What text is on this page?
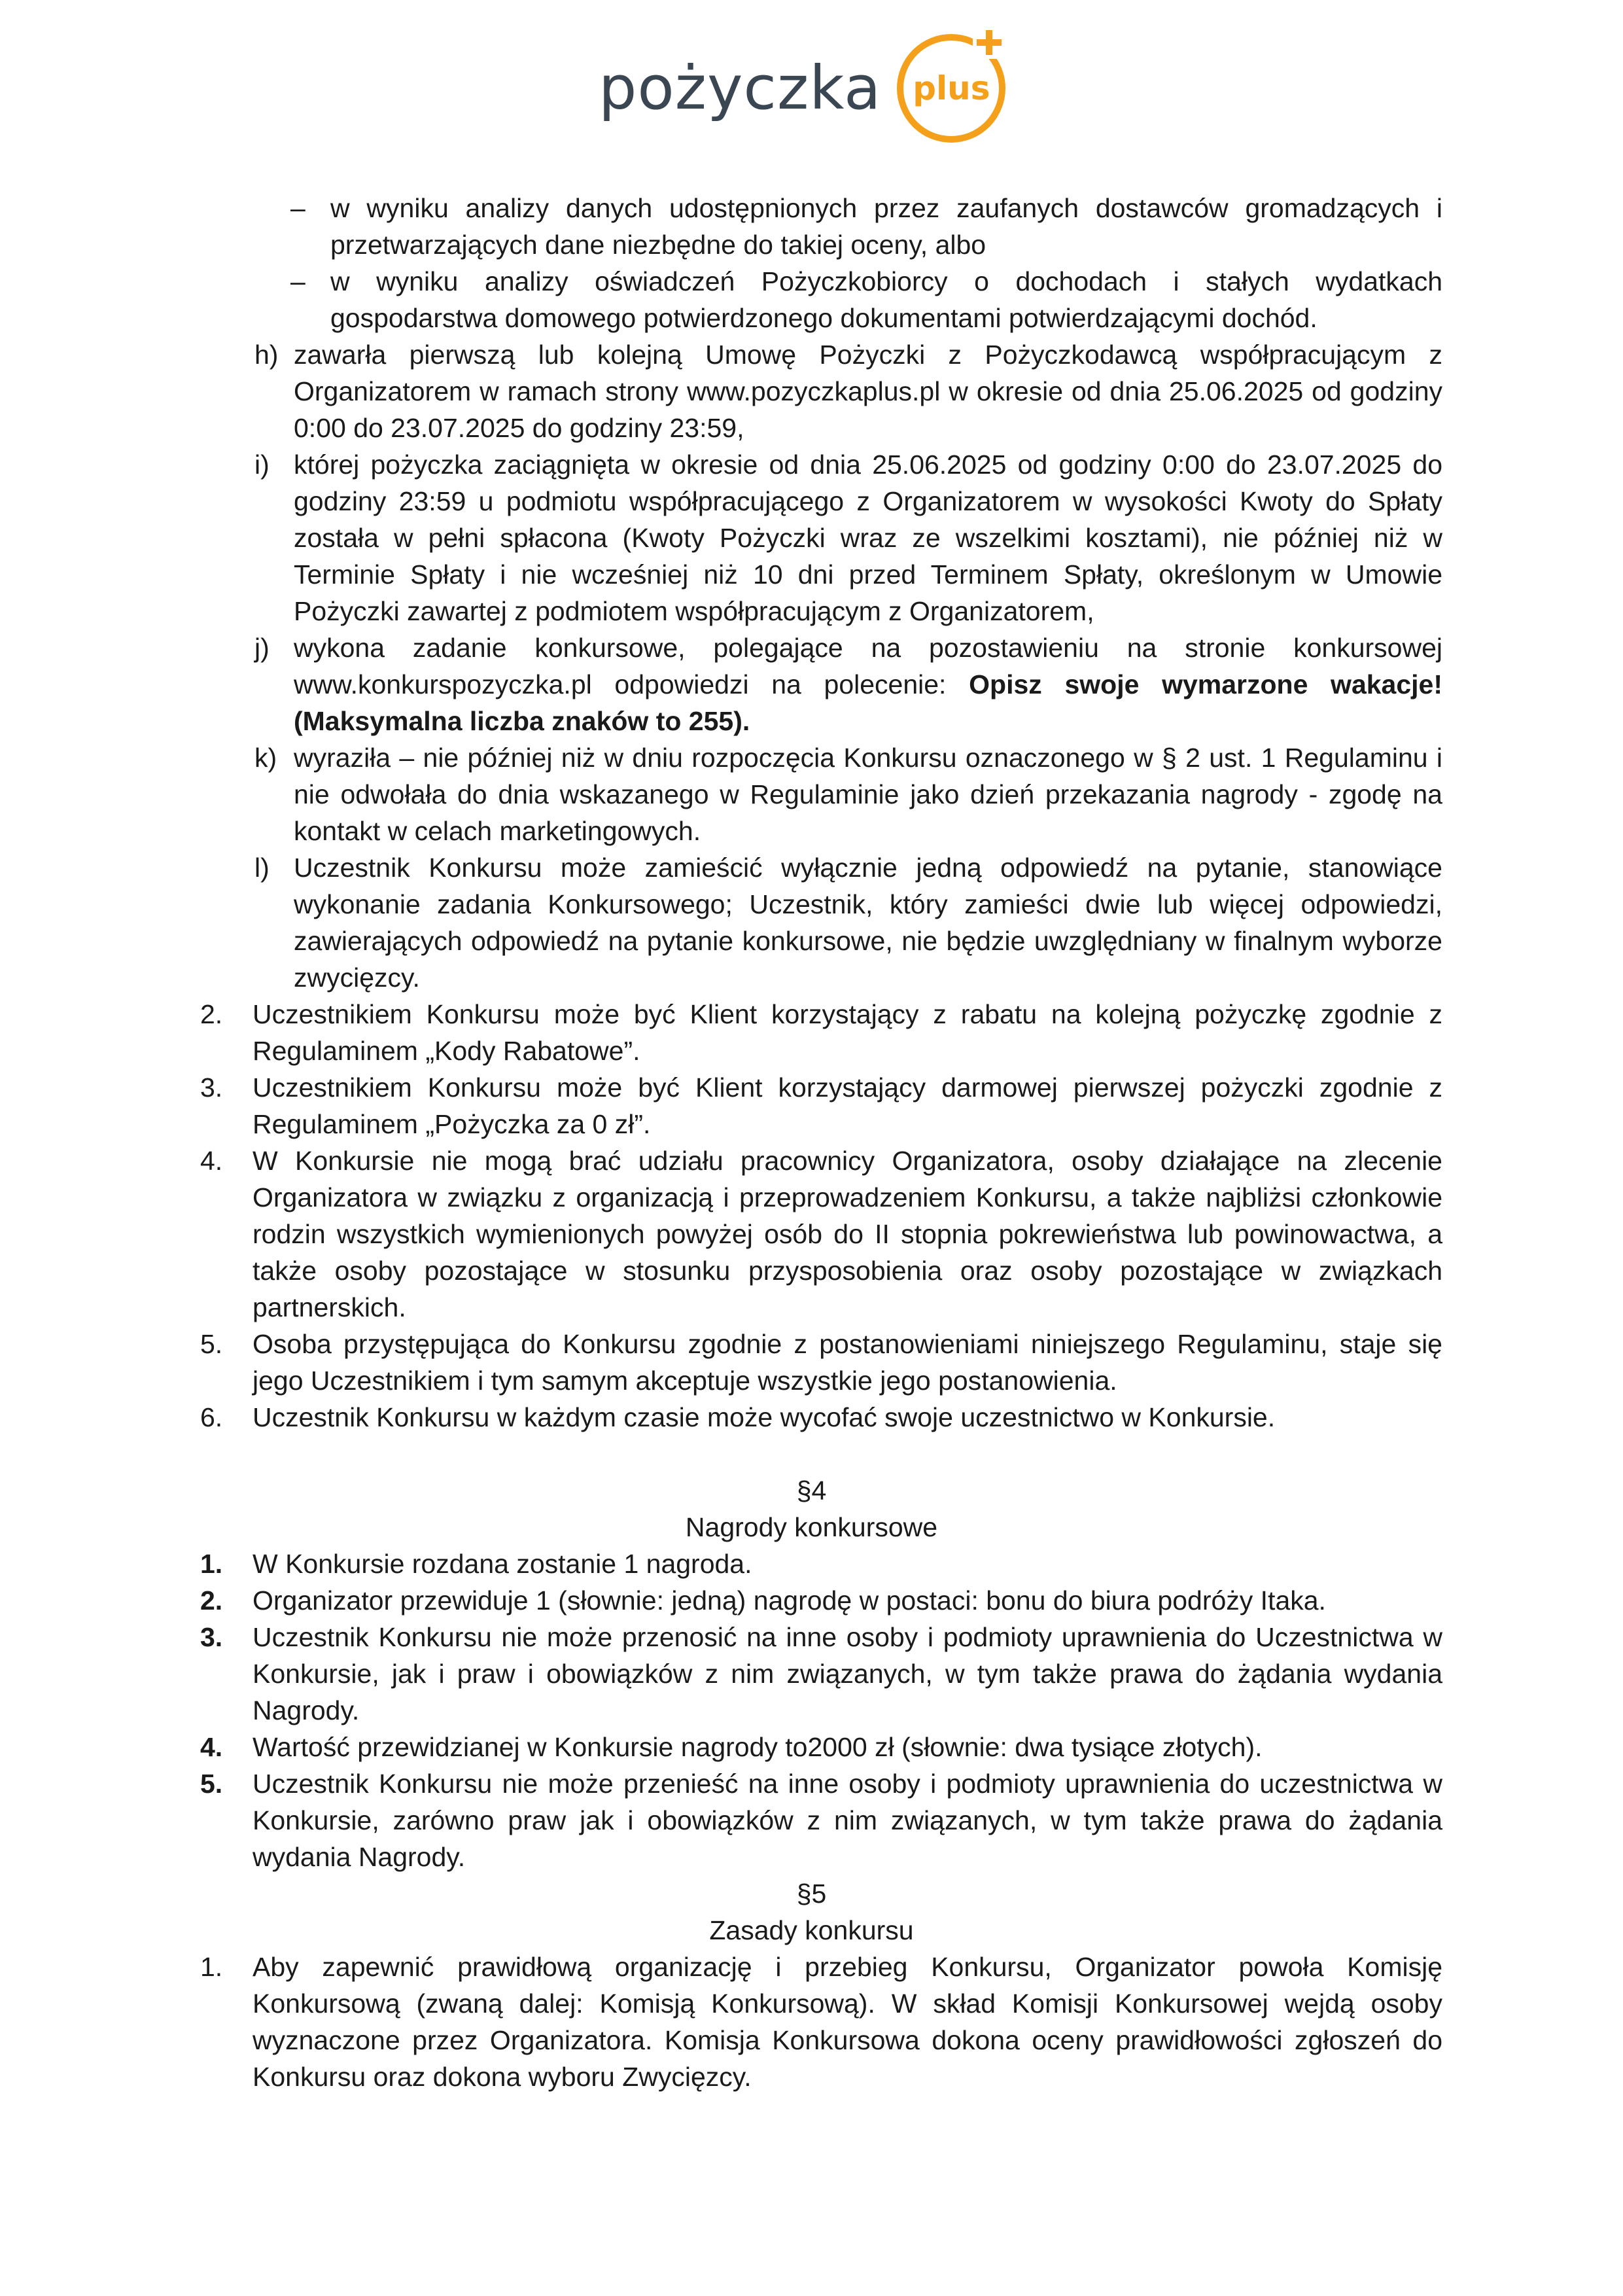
pożyczka plus
– w wyniku analizy danych udostępnionych przez zaufanych dostawców gromadzących i przetwarzających dane niezbędne do takiej oceny, albo
– w wyniku analizy oświadczeń Pożyczkobiorcy o dochodach i stałych wydatkach gospodarstwa domowego potwierdzonego dokumentami potwierdzającymi dochód.
h) zawarła pierwszą lub kolejną Umowę Pożyczki z Pożyczkodawcą współpracującym z Organizatorem w ramach strony www.pozyczkaplus.pl w okresie od dnia 25.06.2025 od godziny 0:00 do 23.07.2025 do godziny 23:59,
i) której pożyczka zaciągnięta w okresie od dnia 25.06.2025 od godziny 0:00 do 23.07.2025 do godziny 23:59 u podmiotu współpracującego z Organizatorem w wysokości Kwoty do Spłaty została w pełni spłacona (Kwoty Pożyczki wraz ze wszelkimi kosztami), nie później niż w Terminie Spłaty i nie wcześniej niż 10 dni przed Terminem Spłaty, określonym w Umowie Pożyczki zawartej z podmiotem współpracującym z Organizatorem,
j) wykona zadanie konkursowe, polegające na pozostawieniu na stronie konkursowej www.konkurspozyczka.pl odpowiedzi na polecenie: Opisz swoje wymarzone wakacje! (Maksymalna liczba znaków to 255).
k) wyraziła – nie później niż w dniu rozpoczęcia Konkursu oznaczonego w § 2 ust. 1 Regulaminu i nie odwołała do dnia wskazanego w Regulaminie jako dzień przekazania nagrody - zgodę na kontakt w celach marketingowych.
l) Uczestnik Konkursu może zamieścić wyłącznie jedną odpowiedź na pytanie, stanowiące wykonanie zadania Konkursowego; Uczestnik, który zamieści dwie lub więcej odpowiedzi, zawierających odpowiedź na pytanie konkursowe, nie będzie uwzględniany w finalnym wyborze zwycięzcy.
2.	Uczestnikiem Konkursu może być Klient korzystający z rabatu na kolejną pożyczkę zgodnie z Regulaminem „Kody Rabatowe”.
3.	Uczestnikiem Konkursu może być Klient korzystający darmowej pierwszej pożyczki zgodnie z Regulaminem „Pożyczka za 0 zł”.
4.	W Konkursie nie mogą brać udziału pracownicy Organizatora, osoby działające na zlecenie Organizatora w związku z organizacją i przeprowadzeniem Konkursu, a także najbliżsi członkowie rodzin wszystkich wymienionych powyżej osób do II stopnia pokrewieństwa lub powinowactwa, a także osoby pozostające w stosunku przysposobienia oraz osoby pozostające w związkach partnerskich.
5.	Osoba przystępująca do Konkursu zgodnie z postanowieniami niniejszego Regulaminu, staje się jego Uczestnikiem i tym samym akceptuje wszystkie jego postanowienia.
6.	Uczestnik Konkursu w każdym czasie może wycofać swoje uczestnictwo w Konkursie.
§4
Nagrody konkursowe
1.	W Konkursie rozdana zostanie 1 nagroda.
2.	Organizator przewiduje 1 (słownie: jedną) nagrodę w postaci: bonu do biura podróży Itaka.
3.	Uczestnik Konkursu nie może przenosić na inne osoby i podmioty uprawnienia do Uczestnictwa w Konkursie, jak i praw i obowiązków z nim związanych, w tym także prawa do żądania wydania Nagrody.
4.	Wartość przewidzianej w Konkursie nagrody to2000 zł (słownie: dwa tysiące złotych).
5.	Uczestnik Konkursu nie może przenieść na inne osoby i podmioty uprawnienia do uczestnictwa w Konkursie, zarówno praw jak i obowiązków z nim związanych, w tym także prawa do żądania wydania Nagrody.
§5
Zasady konkursu
1.	Aby zapewnić prawidłową organizację i przebieg Konkursu, Organizator powoła Komisję Konkursową (zwaną dalej: Komisją Konkursową). W skład Komisji Konkursowej wejdą osoby wyznaczone przez Organizatora. Komisja Konkursowa dokona oceny prawidłowości zgłoszeń do Konkursu oraz dokona wyboru Zwycięzcy.
